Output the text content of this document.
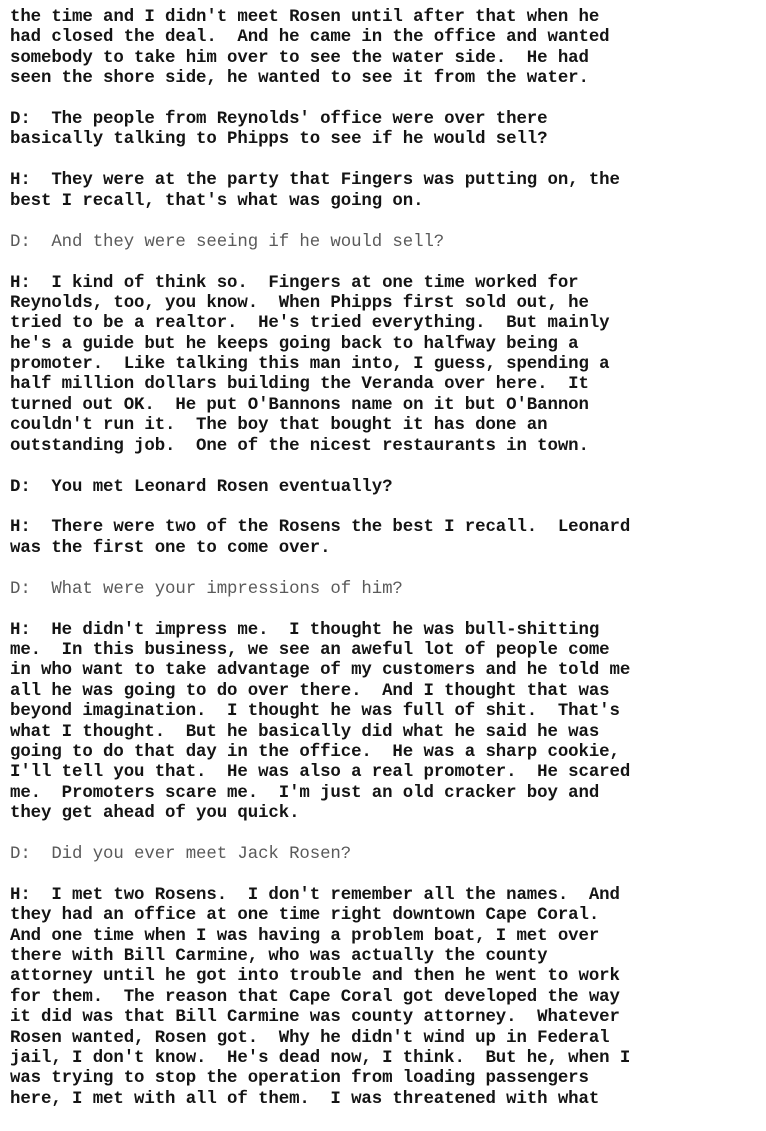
the time and I didn't meet Rosen until after that when he
had closed the deal.  And he came in the office and wanted
somebody to take him over to see the water side.  He had
seen the shore side, he wanted to see it from the water.
D:  The people from Reynolds' office were over there
basically talking to Phipps to see if he would sell?
H:  They were at the party that Fingers was putting on, the
best I recall, that's what was going on.
D:  And they were seeing if he would sell?
H:  I kind of think so.  Fingers at one time worked for
Reynolds, too, you know.  When Phipps first sold out, he
tried to be a realtor.  He's tried everything.  But mainly
he's a guide but he keeps going back to halfway being a
promoter.  Like talking this man into, I guess, spending a
half million dollars building the Veranda over here.  It
turned out OK.  He put O'Bannons name on it but O'Bannon
couldn't run it.  The boy that bought it has done an
outstanding job.  One of the nicest restaurants in town.
D:  You met Leonard Rosen eventually?
H:  There were two of the Rosens the best I recall.  Leonard
was the first one to come over.
D:  What were your impressions of him?
H:  He didn't impress me.  I thought he was bull-shitting
me.  In this business, we see an aweful lot of people come
in who want to take advantage of my customers and he told me
all he was going to do over there.  And I thought that was
beyond imagination.  I thought he was full of shit.  That's
what I thought.  But he basically did what he said he was
going to do that day in the office.  He was a sharp cookie,
I'll tell you that.  He was also a real promoter.  He scared
me.  Promoters scare me.  I'm just an old cracker boy and
they get ahead of you quick.
D:  Did you ever meet Jack Rosen?
H:  I met two Rosens.  I don't remember all the names.  And
they had an office at one time right downtown Cape Coral.
And one time when I was having a problem boat, I met over
there with Bill Carmine, who was actually the county
attorney until he got into trouble and then he went to work
for them.  The reason that Cape Coral got developed the way
it did was that Bill Carmine was county attorney.  Whatever
Rosen wanted, Rosen got.  Why he didn't wind up in Federal
jail, I don't know.  He's dead now, I think.  But he, when I
was trying to stop the operation from loading passengers
here, I met with all of them.  I was threatened with what
